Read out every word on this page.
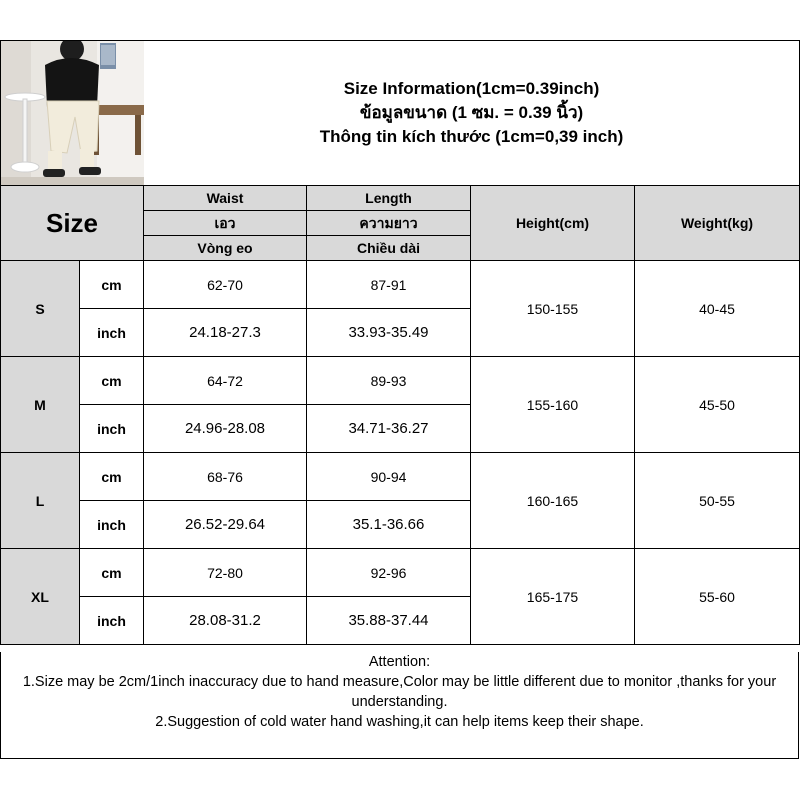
Size Information(1cm=0.39inch)
ข้อมูลขนาด (1 ซม. = 0.39 นิ้ว)
Thông tin kích thước (1cm=0,39 inch)			

Size		Waist	Length	Height(cm)	Weight(kg)
		เอว	ความยาว		
		Vòng eo	Chiều dài		
S	cm	62-70	87-91	150-155	40-45
	inch	24.18-27.3	33.93-35.49		
M	cm	64-72	89-93	155-160	45-50
	inch	24.96-28.08	34.71-36.27		
L	cm	68-76	90-94	160-165	50-55
	inch	26.52-29.64	35.1-36.66		
XL	cm	72-80	92-96	165-175	55-60
	inch	28.08-31.2	35.88-37.44		
Attention:
1.Size may be 2cm/1inch inaccuracy due to hand measure,Color may be little different due to monitor ,thanks for your
understanding.
2.Suggestion of cold water hand washing,it can help items keep their shape.
